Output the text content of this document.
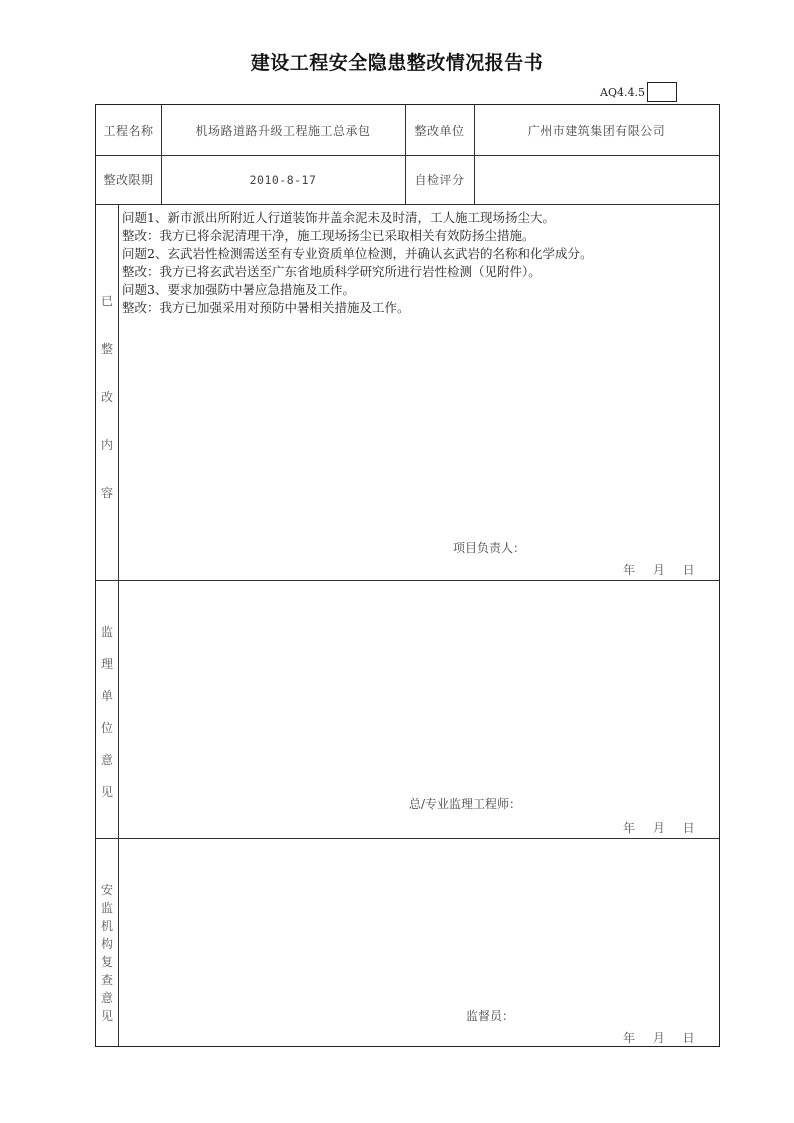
建设工程安全隐患整改情况报告书
AQ4.4.5
工程名称	机场路道路升级工程施工总承包	整改单位	广州市建筑集团有限公司
整改限期	2010-8-17	自检评分
已
整
改
内
容
问题1、新市派出所附近人行道装饰井盖余泥未及时清，工人施工现场扬尘大。
整改：我方已将余泥清理干净，施工现场扬尘已采取相关有效防扬尘措施。
问题2、玄武岩性检测需送至有专业资质单位检测，并确认玄武岩的名称和化学成分。
整改：我方已将玄武岩送至广东省地质科学研究所进行岩性检测（见附件）。
问题3、要求加强防中暑应急措施及工作。
整改：我方已加强采用对预防中暑相关措施及工作。
项目负责人：
年 月 日
监
理
单
位
意
见
总/专业监理工程师：
年 月 日
安
监
机
构
复
查
意
见	监督员：
年 月 日
